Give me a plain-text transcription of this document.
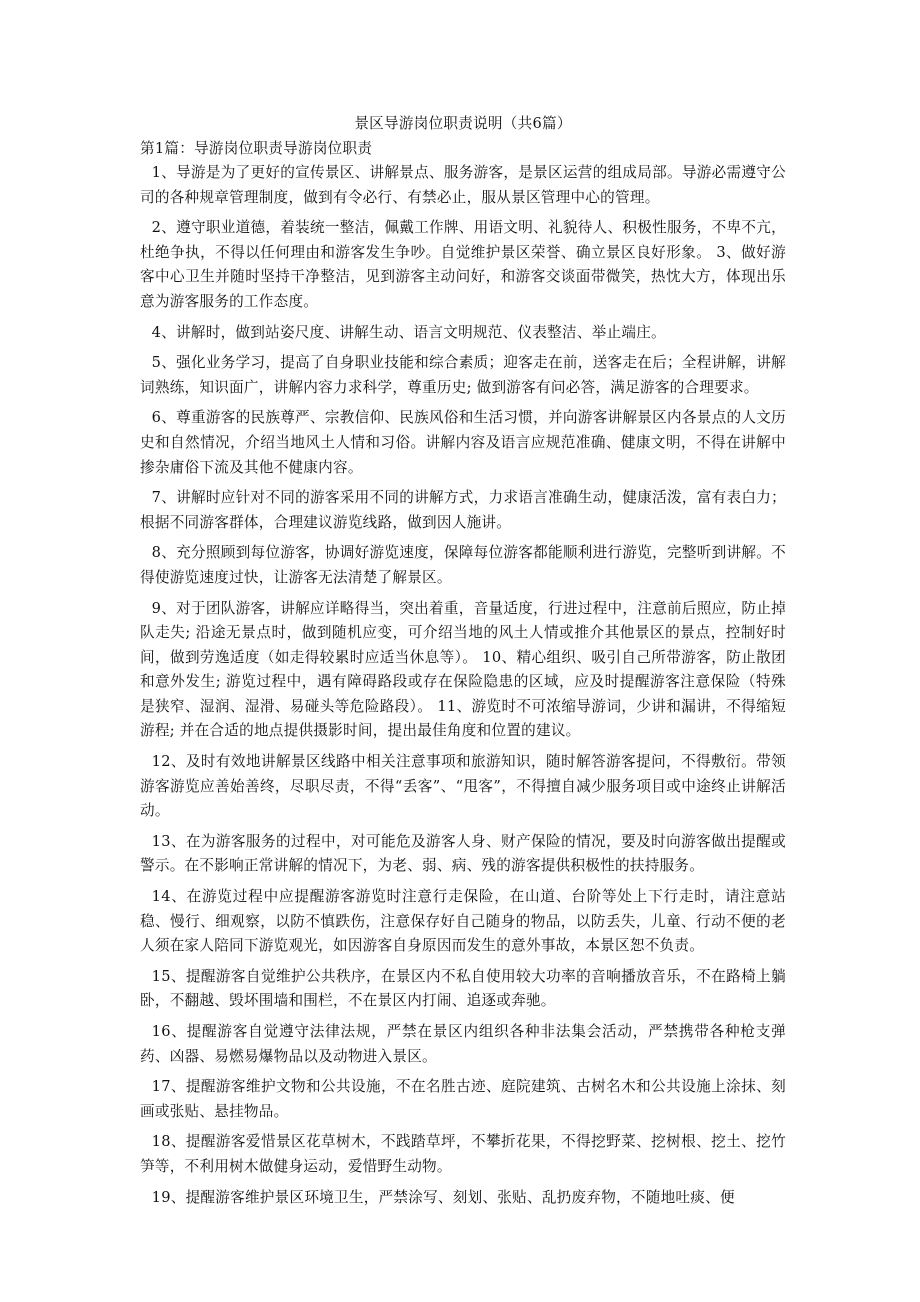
景区导游岗位职责说明（共6篇）
第1篇：导游岗位职责导游岗位职责
1、导游是为了更好的宣传景区、讲解景点、服务游客，是景区运营的组成局部。导游必需遵守公司的各种规章管理制度，做到有令必行、有禁必止，服从景区管理中心的管理。
2、遵守职业道德，着装统一整洁，佩戴工作牌、用语文明、礼貌待人、积极性服务，不卑不亢，杜绝争执，不得以任何理由和游客发生争吵。自觉维护景区荣誉、确立景区良好形象。 3、做好游客中心卫生并随时坚持干净整洁，见到游客主动问好，和游客交谈面带微笑，热忱大方，体现出乐意为游客服务的工作态度。
4、讲解时，做到站姿尺度、讲解生动、语言文明规范、仪表整洁、举止端庄。
5、强化业务学习，提高了自身职业技能和综合素质；迎客走在前，送客走在后；全程讲解，讲解词熟练，知识面广，讲解内容力求科学，尊重历史; 做到游客有问必答，满足游客的合理要求。
6、尊重游客的民族尊严、宗教信仰、民族风俗和生活习惯，并向游客讲解景区内各景点的人文历史和自然情况，介绍当地风土人情和习俗。讲解内容及语言应规范准确、健康文明，不得在讲解中掺杂庸俗下流及其他不健康内容。
7、讲解时应针对不同的游客采用不同的讲解方式，力求语言准确生动，健康活泼，富有表白力；根据不同游客群体，合理建议游览线路，做到因人施讲。
8、充分照顾到每位游客，协调好游览速度，保障每位游客都能顺利进行游览，完整听到讲解。不得使游览速度过快，让游客无法清楚了解景区。
9、对于团队游客，讲解应详略得当，突出着重，音量适度，行进过程中，注意前后照应，防止掉队走失; 沿途无景点时，做到随机应变，可介绍当地的风土人情或推介其他景区的景点，控制好时间，做到劳逸适度（如走得较累时应适当休息等）。 10、精心组织、吸引自己所带游客，防止散团和意外发生; 游览过程中，遇有障碍路段或存在保险隐患的区域，应及时提醒游客注意保险（特殊是狭窄、湿润、湿滑、易碰头等危险路段）。 11、游览时不可浓缩导游词，少讲和漏讲，不得缩短游程; 并在合适的地点提供摄影时间，提出最佳角度和位置的建议。
12、及时有效地讲解景区线路中相关注意事项和旅游知识，随时解答游客提问，不得敷衍。带领游客游览应善始善终，尽职尽责，不得“丢客”、“甩客”，不得擅自减少服务项目或中途终止讲解活动。
13、在为游客服务的过程中，对可能危及游客人身、财产保险的情况，要及时向游客做出提醒或警示。在不影响正常讲解的情况下，为老、弱、病、残的游客提供积极性的扶持服务。
14、在游览过程中应提醒游客游览时注意行走保险，在山道、台阶等处上下行走时，请注意站稳、慢行、细观察，以防不慎跌伤，注意保存好自己随身的物品，以防丢失，儿童、行动不便的老人须在家人陪同下游览观光，如因游客自身原因而发生的意外事故，本景区恕不负责。
15、提醒游客自觉维护公共秩序，在景区内不私自使用较大功率的音响播放音乐，不在路椅上躺卧，不翻越、毁坏围墙和围栏，不在景区内打闹、追逐或奔驰。
16、提醒游客自觉遵守法律法规，严禁在景区内组织各种非法集会活动，严禁携带各种枪支弹药、凶器、易燃易爆物品以及动物进入景区。
17、提醒游客维护文物和公共设施，不在名胜古迹、庭院建筑、古树名木和公共设施上涂抹、刻画或张贴、悬挂物品。
18、提醒游客爱惜景区花草树木，不践踏草坪，不攀折花果，不得挖野菜、挖树根、挖土、挖竹笋等，不利用树木做健身运动，爱惜野生动物。
19、提醒游客维护景区环境卫生，严禁涂写、刻划、张贴、乱扔废弃物，不随地吐痰、便
